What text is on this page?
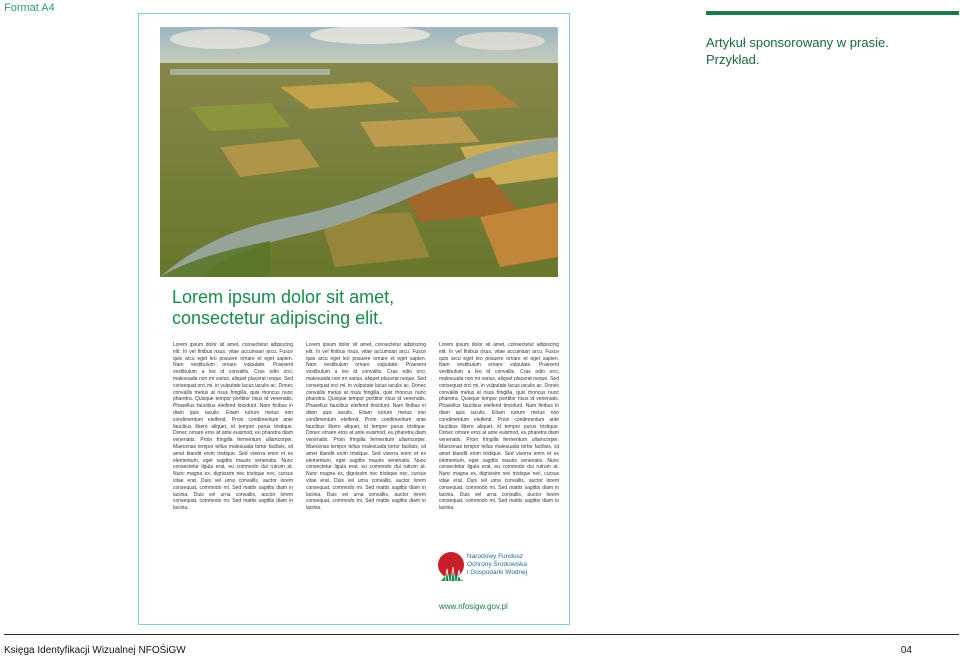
Format A4
Artykuł sponsorowany w prasie.
Przykład.
Lorem ipsum dolor sit amet,
consectetur adipiscing elit.
Lorem ipsum dolor sit amet, consectetur adipiscing elit. In vel finibus risus, vitae accumsan arcu. Fusce quis arcu eget leo posuere ornare et eget sapien. Nam vestibulum ornare vulputate. Praesent vestibulum a leo id convallis. Cras odio orci, malesuada non mi varius, aliquet placerat neque. Sed consequat orci mi, in vulputate lacus iaculis ac. Donec convallis metus at risus fringilla, quis rhoncus nunc pharetra. Quisque tempor porttitor risus id venenatis. Phasellus faucibus eleifend tincidunt. Nam finibus in diam quis iaculis. Etiam rutrum metus non condimentum eleifend. Proin condimentum ante faucibus libero aliquet, id tempor purus tristique. Donec ornare eros at ante euismod, eu pharetra diam venenatis. Proin fringilla fermentum ullamcorper. Maecenas tempor tellus malesuada tortor facilisis, sit amet blandit enim tristique. Sed viverra enim et ex elementum, eget sagittis mauris venenatis. Nunc consectetur ligula erat, eu commodo dui rutrum at. Nunc magna ex, dignissim nec tristique nec, cursus vitae erat. Duis vel urna convallis, auctor lorem consequat, commodo mi. Sed mattis sagittis diam in lacinia. Duis vel urna convallis, auctor lorem consequat, commodo mi. Sed mattis sagittis diam in lacinia.
Lorem ipsum dolor sit amet, consectetur adipiscing elit. In vel finibus risus, vitae accumsan arcu. Fusce quis arcu eget leo posuere ornare et eget sapien. Nam vestibulum ornare vulputate. Praesent vestibulum a leo id convallis. Cras odio orci, malesuada non mi varius, aliquet placerat neque. Sed consequat orci mi, in vulputate lacus iaculis ac. Donec convallis metus at risus fringilla, quis rhoncus nunc pharetra. Quisque tempor porttitor risus id venenatis. Phasellus faucibus eleifend tincidunt. Nam finibus in diam quis iaculis. Etiam rutrum metus non condimentum eleifend. Proin condimentum ante faucibus libero aliquet, id tempor purus tristique. Donec ornare eros at ante euismod, eu pharetra diam venenatis. Proin fringilla fermentum ullamcorper. Maecenas tempor tellus malesuada tortor facilisis, sit amet blandit enim tristique. Sed viverra enim et ex elementum, eget sagittis mauris venenatis. Nunc consectetur ligula erat, eu commodo dui rutrum at. Nunc magna ex, dignissim nec tristique nec, cursus vitae erat. Duis vel urna convallis, auctor lorem consequat, commodo mi. Sed mattis sagittis diam in lacinia. Duis vel urna convallis, auctor lorem consequat, commodo mi. Sed mattis sagittis diam in lacinia.
Lorem ipsum dolor sit amet, consectetur adipiscing elit. In vel finibus risus, vitae accumsan arcu. Fusce quis arcu eget leo posuere ornare et eget sapien. Nam vestibulum ornare vulputate. Praesent vestibulum a leo id convallis. Cras odio orci, malesuada non mi varius, aliquet placerat neque. Sed consequat orci mi, in vulputate lacus iaculis ac. Donec convallis metus at risus fringilla, quis rhoncus nunc pharetra. Quisque tempor porttitor risus id venenatis. Phasellus faucibus eleifend tincidunt. Nam finibus in diam quis iaculis. Etiam rutrum metus non condimentum eleifend. Proin condimentum ante faucibus libero aliquet, id tempor purus tristique. Donec ornare eros at ante euismod, eu pharetra diam venenatis. Proin fringilla fermentum ullamcorper. Maecenas tempor tellus malesuada tortor facilisis, sit amet blandit enim tristique. Sed viverra enim et ex elementum, eget sagittis mauris venenatis. Nunc consectetur ligula erat, eu commodo dui rutrum at. Nunc magna ex, dignissim nec tristique nec, cursus vitae erat. Duis vel urna convallis, auctor lorem consequat, commodo mi. Sed mattis sagittis diam in lacinia. Duis vel urna convallis, auctor lorem consequat, commodo mi. Sed mattis sagittis diam in lacinia.
Narodowy Fundusz
Ochrony Środowiska
i Gospodarki Wodnej
www.nfosigw.gov.pl
Księga Identyfikacji Wizualnej NFOŚiGW	04
